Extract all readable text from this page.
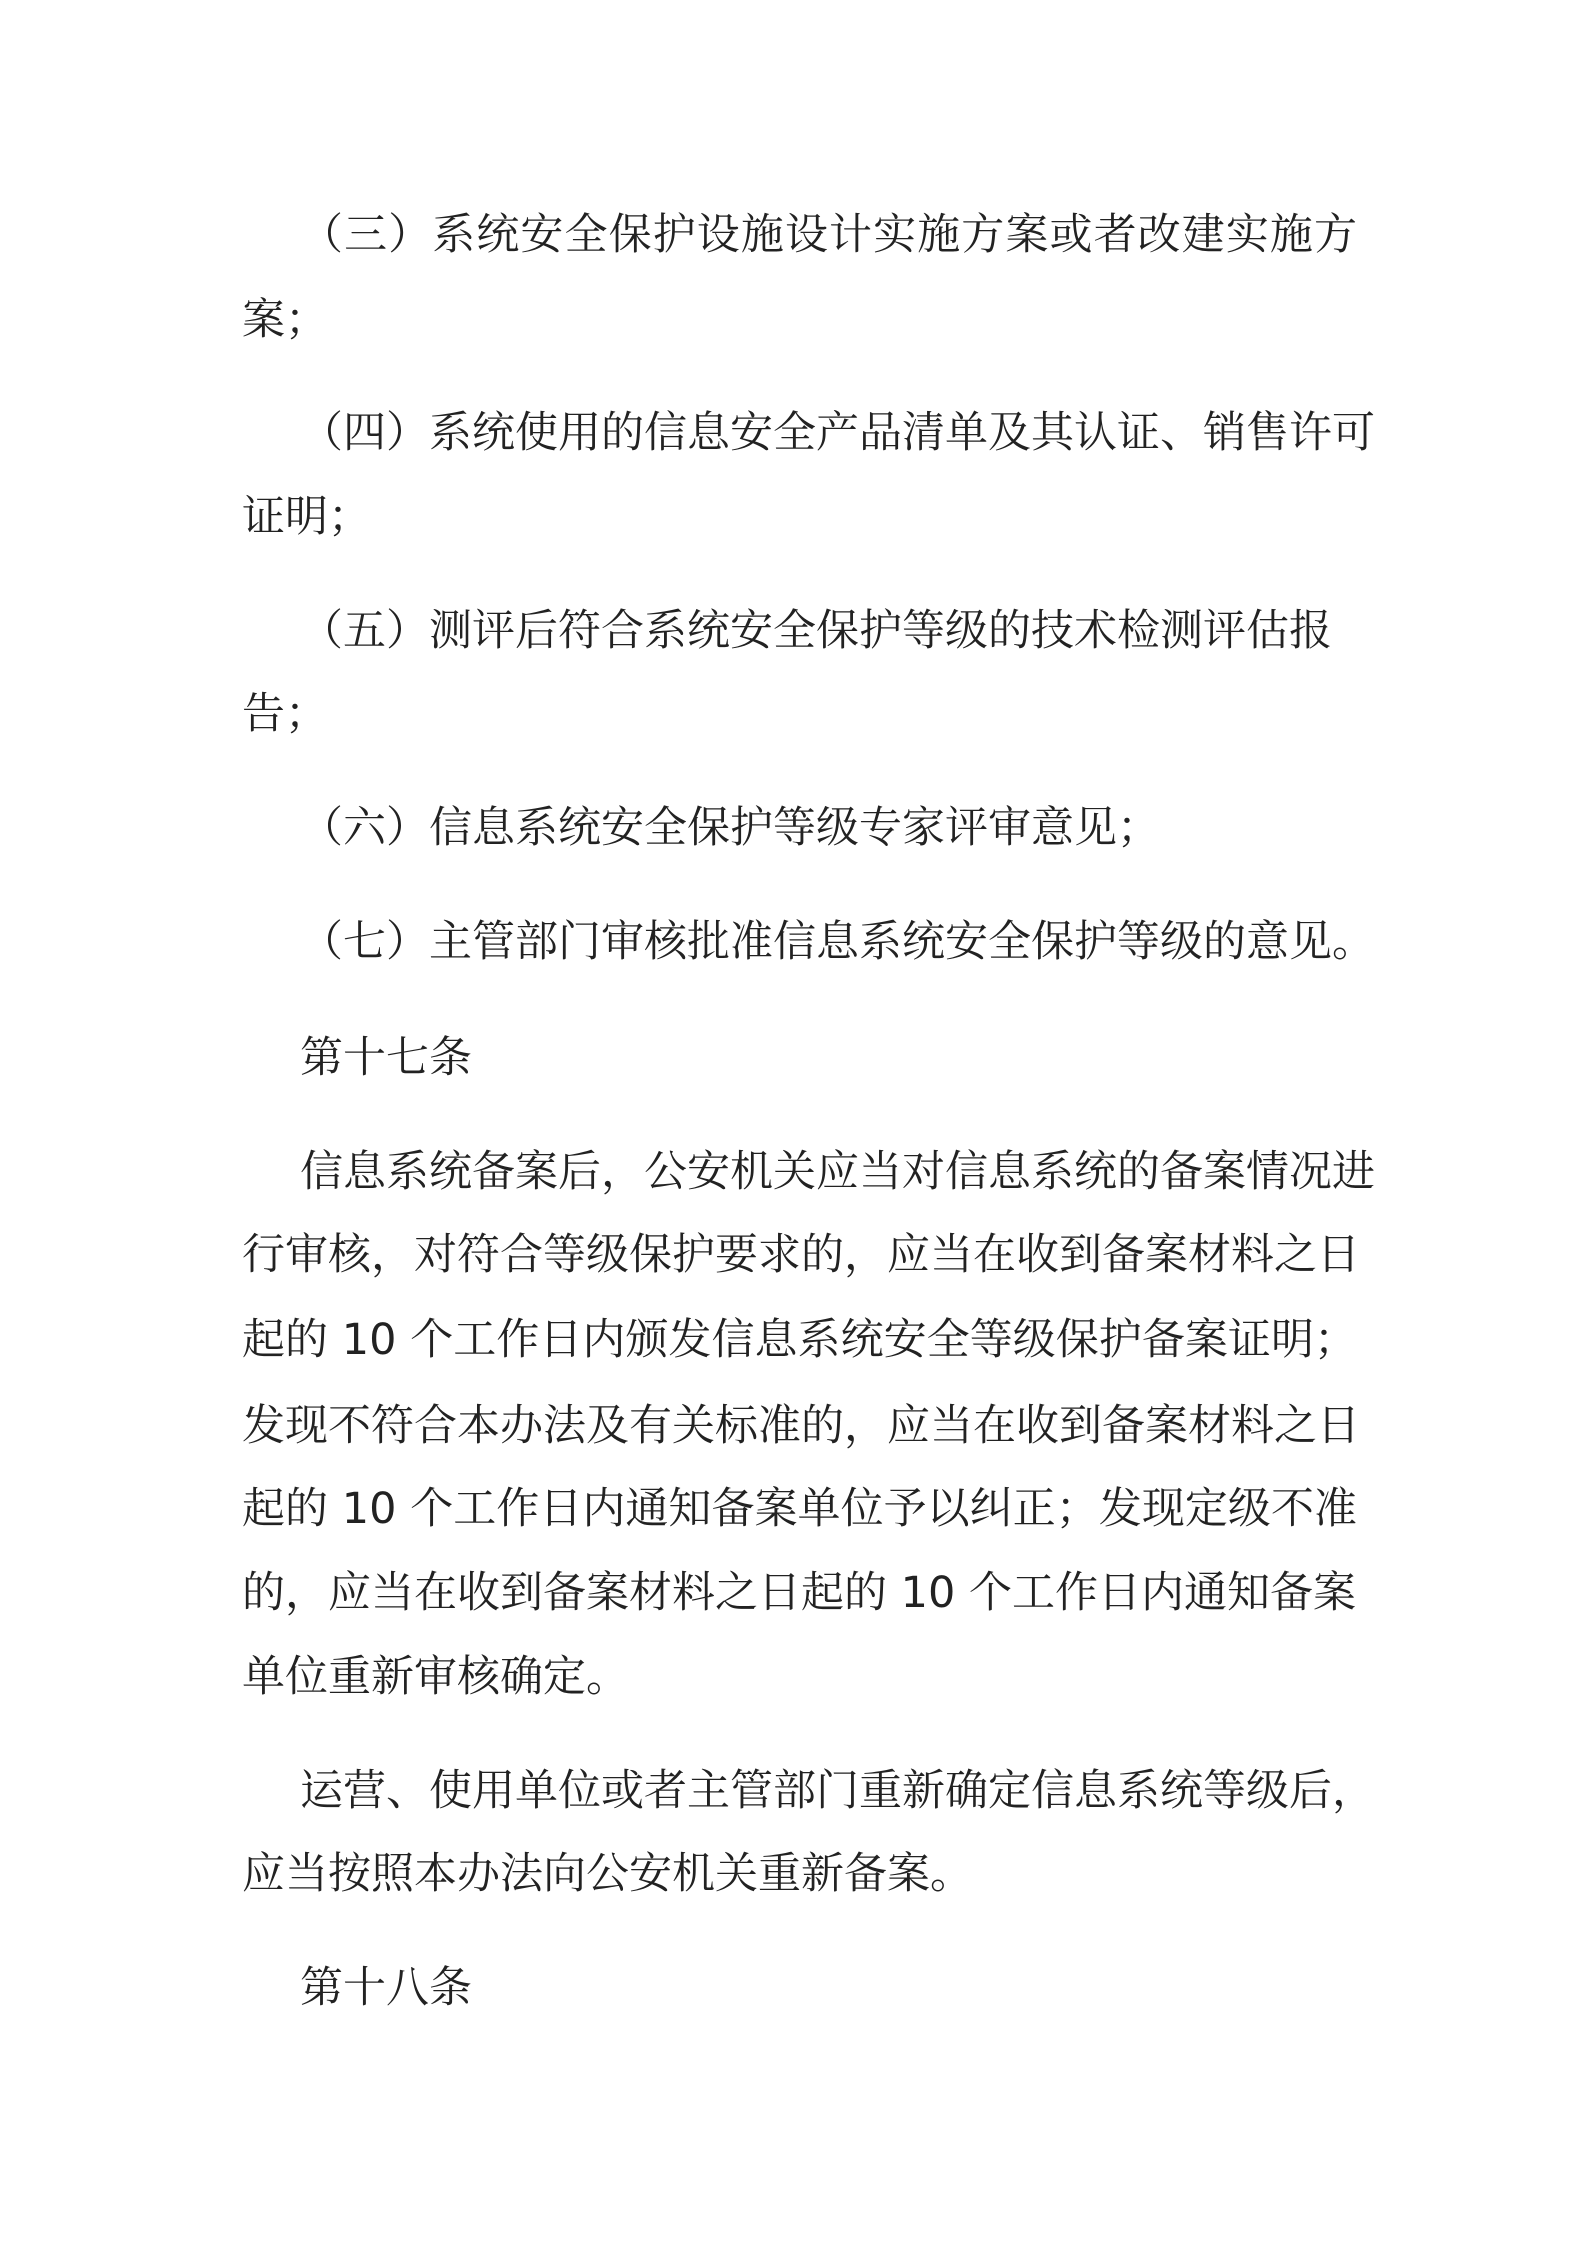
（三）系统安全保护设施设计实施方案或者改建实施方
案；
（四）系统使用的信息安全产品清单及其认证、销售许可
证明；
（五）测评后符合系统安全保护等级的技术检测评估报
告；
（六）信息系统安全保护等级专家评审意见；
（七）主管部门审核批准信息系统安全保护等级的意见。
第十七条
信息系统备案后，公安机关应当对信息系统的备案情况进
行审核，对符合等级保护要求的，应当在收到备案材料之日
起的 10 个工作日内颁发信息系统安全等级保护备案证明；
发现不符合本办法及有关标准的，应当在收到备案材料之日
起的 10 个工作日内通知备案单位予以纠正；发现定级不准
的，应当在收到备案材料之日起的 10 个工作日内通知备案
单位重新审核确定。
运营、使用单位或者主管部门重新确定信息系统等级后，
应当按照本办法向公安机关重新备案。
第十八条
